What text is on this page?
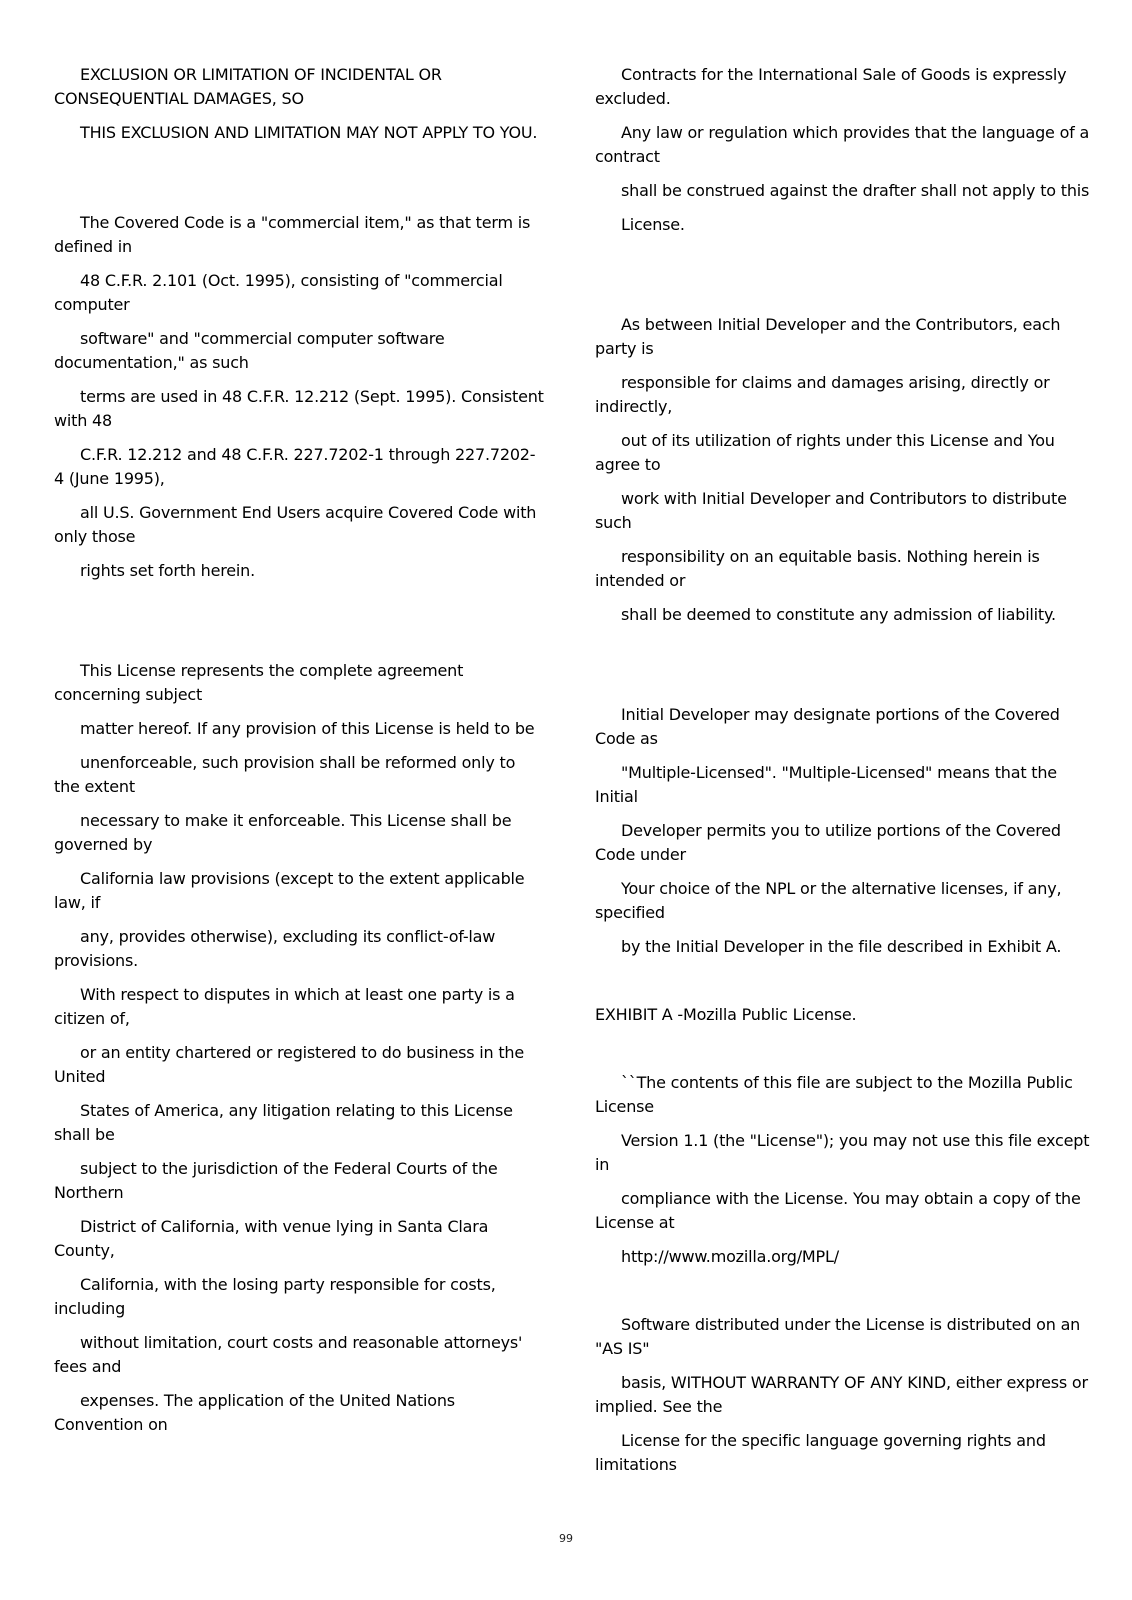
EXCLUSION OR LIMITATION OF INCIDENTAL OR CONSEQUENTIAL DAMAGES, SO

THIS EXCLUSION AND LIMITATION MAY NOT APPLY TO YOU.

The Covered Code is a "commercial item," as that term is defined in

48 C.F.R. 2.101 (Oct. 1995), consisting of "commercial computer

software" and "commercial computer software documentation," as such

terms are used in 48 C.F.R. 12.212 (Sept. 1995). Consistent with 48

C.F.R. 12.212 and 48 C.F.R. 227.7202-1 through 227.7202-4 (June 1995),

all U.S. Government End Users acquire Covered Code with only those

rights set forth herein.

This License represents the complete agreement concerning subject

matter hereof. If any provision of this License is held to be

unenforceable, such provision shall be reformed only to the extent

necessary to make it enforceable. This License shall be governed by

California law provisions (except to the extent applicable law, if

any, provides otherwise), excluding its conflict-of-law provisions.

With respect to disputes in which at least one party is a citizen of,

or an entity chartered or registered to do business in the United

States of America, any litigation relating to this License shall be

subject to the jurisdiction of the Federal Courts of the Northern

District of California, with venue lying in Santa Clara County,

California, with the losing party responsible for costs, including

without limitation, court costs and reasonable attorneys' fees and

expenses. The application of the United Nations Convention on

Contracts for the International Sale of Goods is expressly excluded.

Any law or regulation which provides that the language of a contract

shall be construed against the drafter shall not apply to this

License.

As between Initial Developer and the Contributors, each party is

responsible for claims and damages arising, directly or indirectly,

out of its utilization of rights under this License and You agree to

work with Initial Developer and Contributors to distribute such

responsibility on an equitable basis. Nothing herein is intended or

shall be deemed to constitute any admission of liability.

Initial Developer may designate portions of the Covered Code as

"Multiple-Licensed". "Multiple-Licensed" means that the Initial

Developer permits you to utilize portions of the Covered Code under

Your choice of the NPL or the alternative licenses, if any, specified

by the Initial Developer in the file described in Exhibit A.

EXHIBIT A -Mozilla Public License.

``The contents of this file are subject to the Mozilla Public License

Version 1.1 (the "License"); you may not use this file except in

compliance with the License. You may obtain a copy of the License at

http://www.mozilla.org/MPL/

Software distributed under the License is distributed on an "AS IS"

basis, WITHOUT WARRANTY OF ANY KIND, either express or implied. See the

License for the specific language governing rights and limitations

99
